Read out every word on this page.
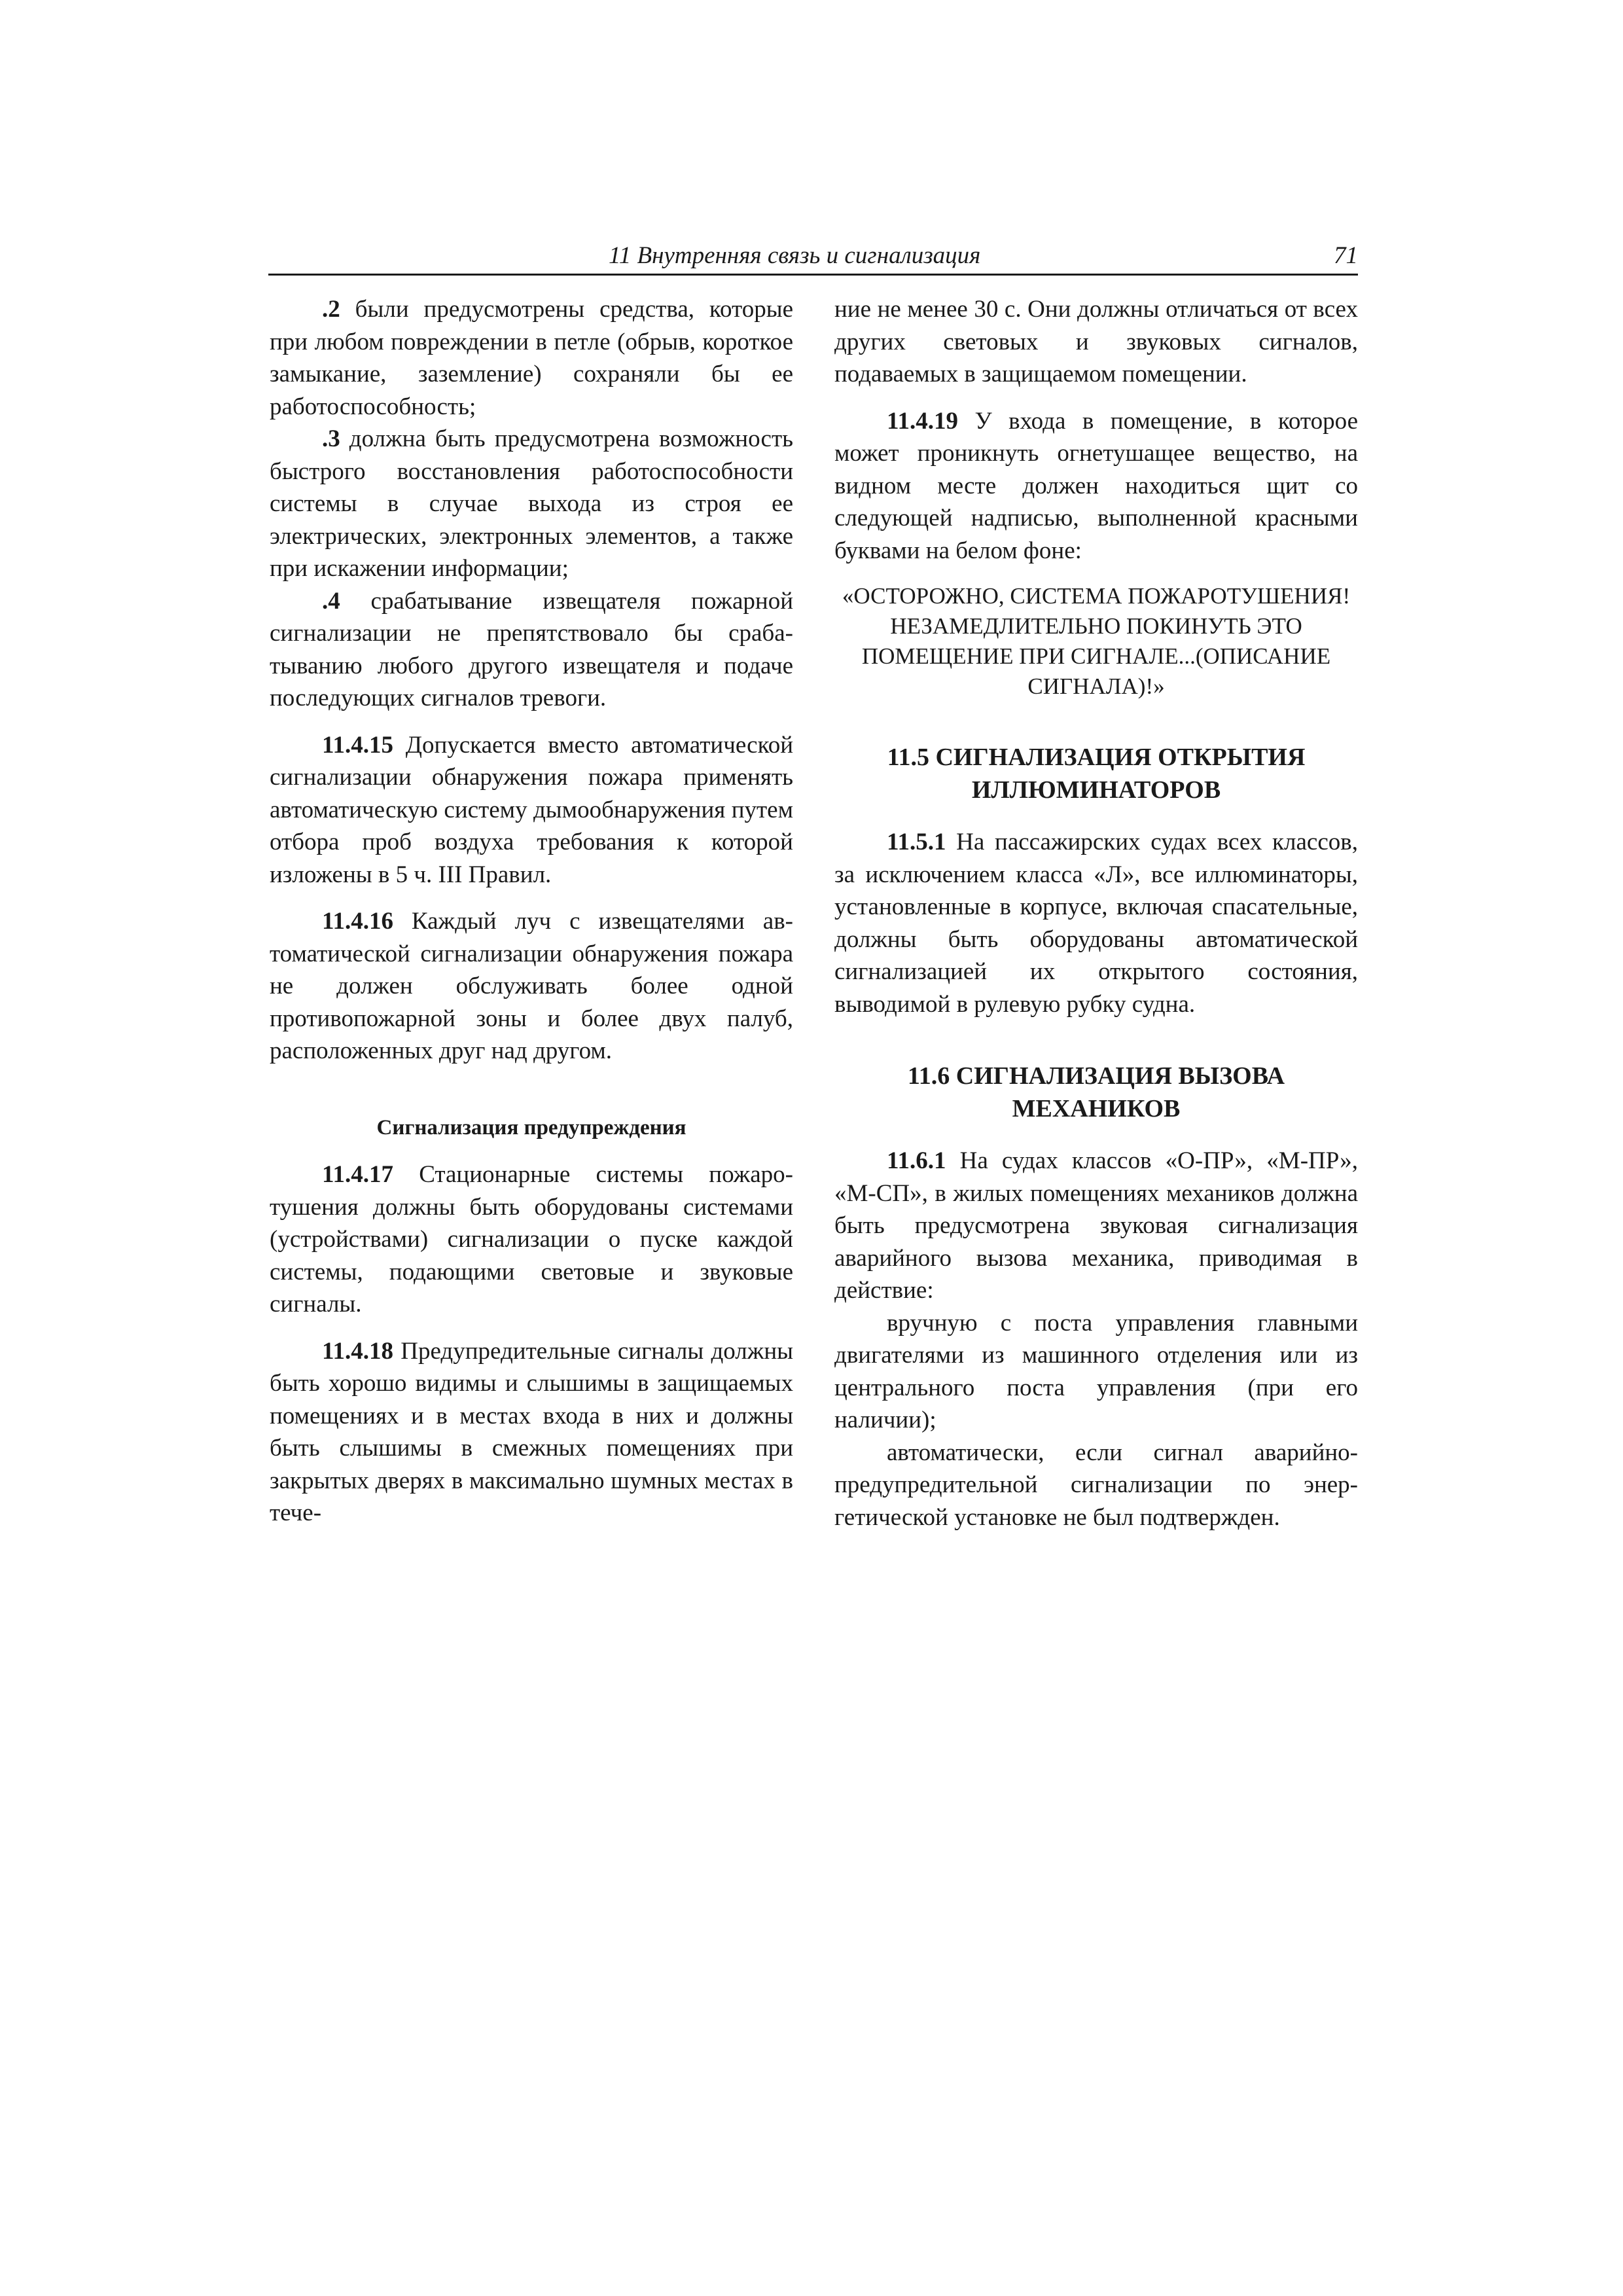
11 Внутренняя связь и сигнализация	71

.2 были предусмотрены средства, которые при любом повреждении в петле (обрыв, короткое замыкание, заземление) сохраняли бы ее работоспособность;

.3 должна быть предусмотрена возможность быстрого восстановления работоспособности системы в случае выхода из строя ее электрических, электронных элементов, а также при искажении информации;

.4 срабатывание извещателя пожарной сигнализации не препятствовало бы срабатыванию любого другого извещателя и подаче последующих сигналов тревоги.

11.4.15 Допускается вместо автоматической сигнализации обнаружения пожара применять автоматическую систему дымообнаружения путем отбора проб воздуха требования к которой изложены в 5 ч. III Правил.

11.4.16 Каждый луч с извещателями автоматической сигнализации обнаружения пожара не должен обслуживать более одной противопожарной зоны и более двух палуб, расположенных друг над другом.

Сигнализация предупреждения

11.4.17 Стационарные системы пожаротушения должны быть оборудованы системами (устройствами) сигнализации о пуске каждой системы, подающими световые и звуковые сигналы.

11.4.18 Предупредительные сигналы должны быть хорошо видимы и слышимы в защищаемых помещениях и в местах входа в них и должны быть слышимы в смежных помещениях при закрытых дверях в максимально шумных местах в тече-

ние не менее 30 с. Они должны отличаться от всех других световых и звуковых сигналов, подаваемых в защищаемом помещении.

11.4.19 У входа в помещение, в которое может проникнуть огнетушащее вещество, на видном месте должен находиться щит со следующей надписью, выполненной красными буквами на белом фоне:

«ОСТОРОЖНО, СИСТЕМА ПОЖАРОТУШЕНИЯ! НЕЗАМЕДЛИТЕЛЬНО ПОКИНУТЬ ЭТО ПОМЕЩЕНИЕ ПРИ СИГНАЛЕ...(ОПИСАНИЕ СИГНАЛА)!»
11.5 СИГНАЛИЗАЦИЯ ОТКРЫТИЯ ИЛЛЮМИНАТОРОВ

11.5.1 На пассажирских судах всех классов, за исключением класса «Л», все иллюминаторы, установленные в корпусе, включая спасательные, должны быть оборудованы автоматической сигнализацией их открытого состояния, выводимой в рулевую рубку судна.

11.6 СИГНАЛИЗАЦИЯ ВЫЗОВА МЕХАНИКОВ

11.6.1 На судах классов «О-ПР», «М-ПР», «М-СП», в жилых помещениях механиков должна быть предусмотрена звуковая сигнализация аварийного вызова механика, приводимая в действие:

вручную с поста управления главными двигателями из машинного отделения или из центрального поста управления (при его наличии);

автоматически, если сигнал аварийно-предупредительной сигнализации по энергетической установке не был подтвержден.
